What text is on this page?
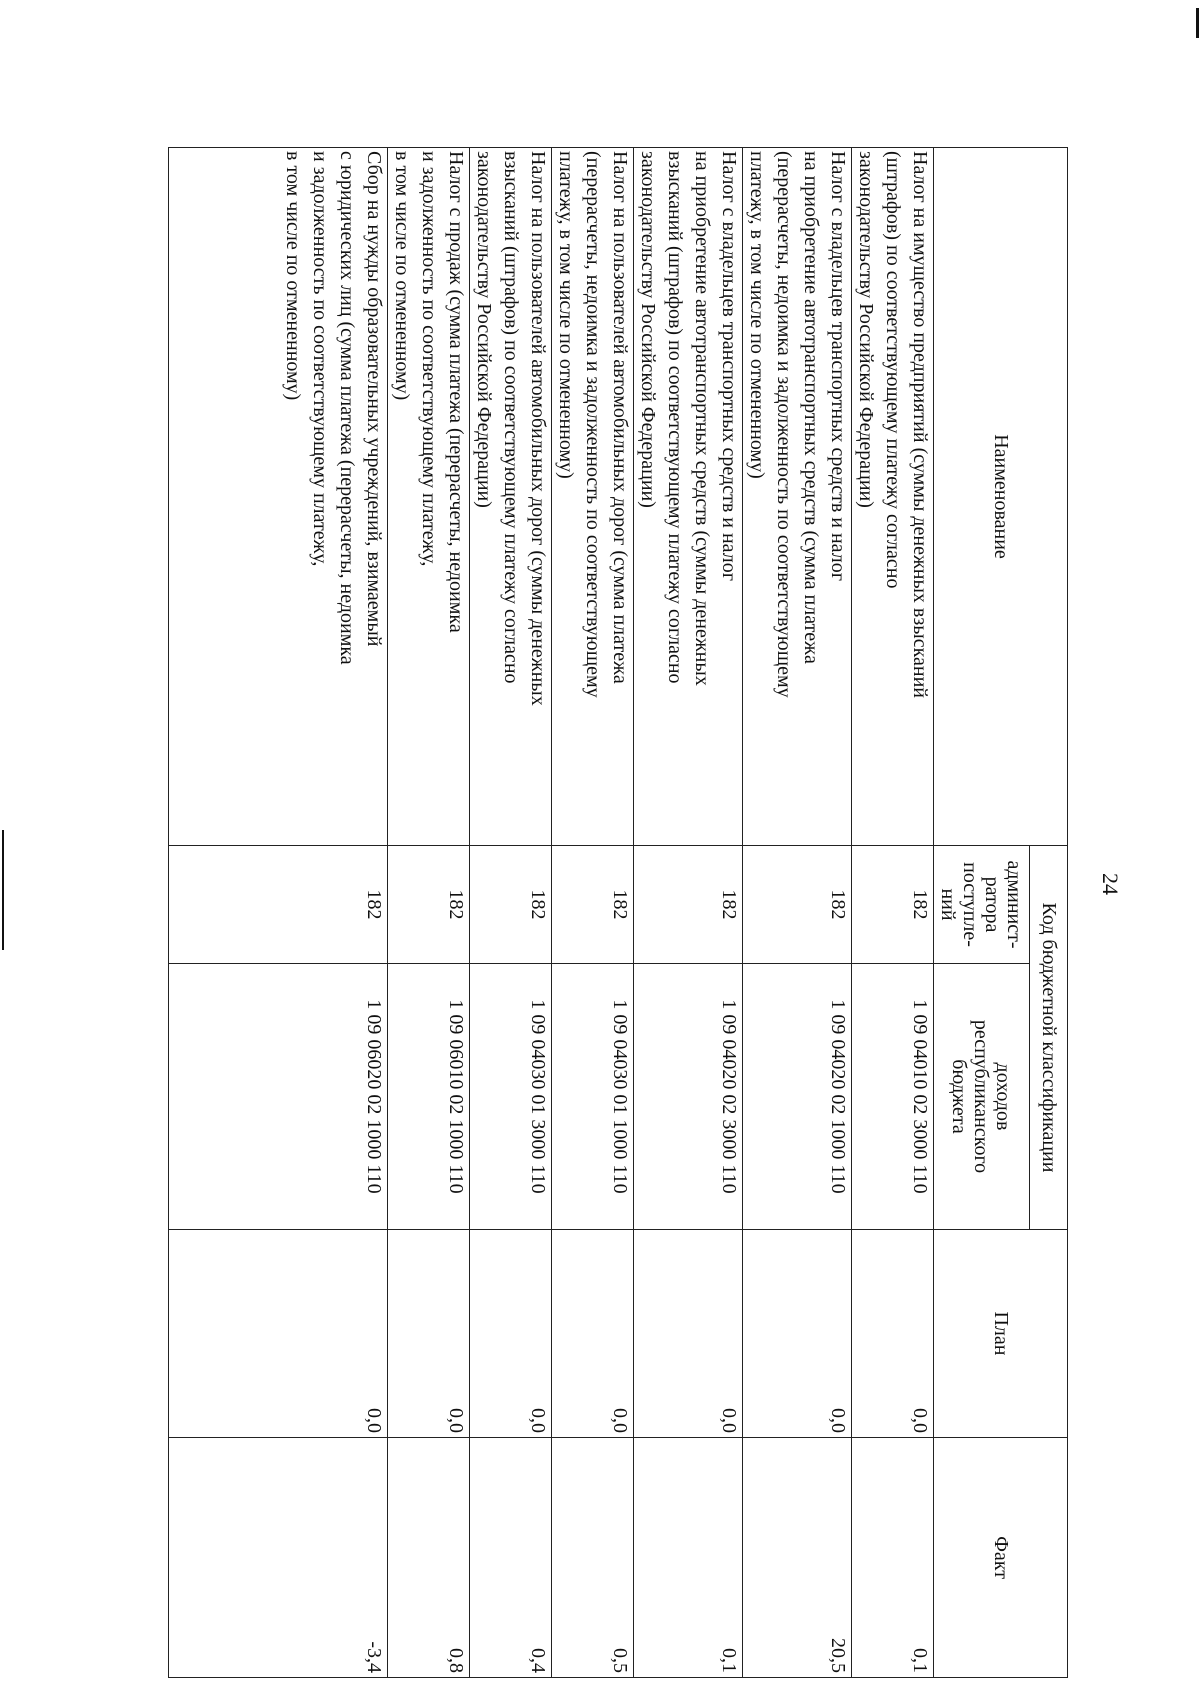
24
Наименование	Код бюджетной классификации		План	Факт
	админист-
ратора
поступле-
ний	доходов
республиканского
бюджета		
Налог на имущество предприятий (суммы денежных взысканий
(штрафов) по соответствующему платежу согласно
законодательству Российской Федерации)	182	1 09 04010 02 3000 110	0,0	0,1
Налог с владельцев транспортных средств и налог
на приобретение автотранспортных средств (сумма платежа
(перерасчеты, недоимка и задолженность по соответствующему
платежу, в том числе по отмененному)	182	1 09 04020 02 1000 110	0,0	20,5
Налог с владельцев транспортных средств и налог
на приобретение автотранспортных средств (суммы денежных
взысканий (штрафов) по соответствующему платежу согласно
законодательству Российской Федерации)	182	1 09 04020 02 3000 110	0,0	0,1
Налог на пользователей автомобильных дорог (сумма платежа
(перерасчеты, недоимка и задолженность по соответствующему
платежу, в том числе по отмененному)	182	1 09 04030 01 1000 110	0,0	0,5
Налог на пользователей автомобильных дорог (суммы денежных
взысканий (штрафов) по соответствующему платежу согласно
законодательству Российской Федерации)	182	1 09 04030 01 3000 110	0,0	0,4
Налог с продаж (сумма платежа (перерасчеты, недоимка
и задолженность по соответствующему платежу,
в том числе по отмененному)	182	1 09 06010 02 1000 110	0,0	0,8
Сбор на нужды образовательных учреждений, взимаемый
с юридических лиц (сумма платежа (перерасчеты, недоимка
и задолженность по соответствующему платежу,
в том числе по отмененному)	182	1 09 06020 02 1000 110	0,0	-3,4
